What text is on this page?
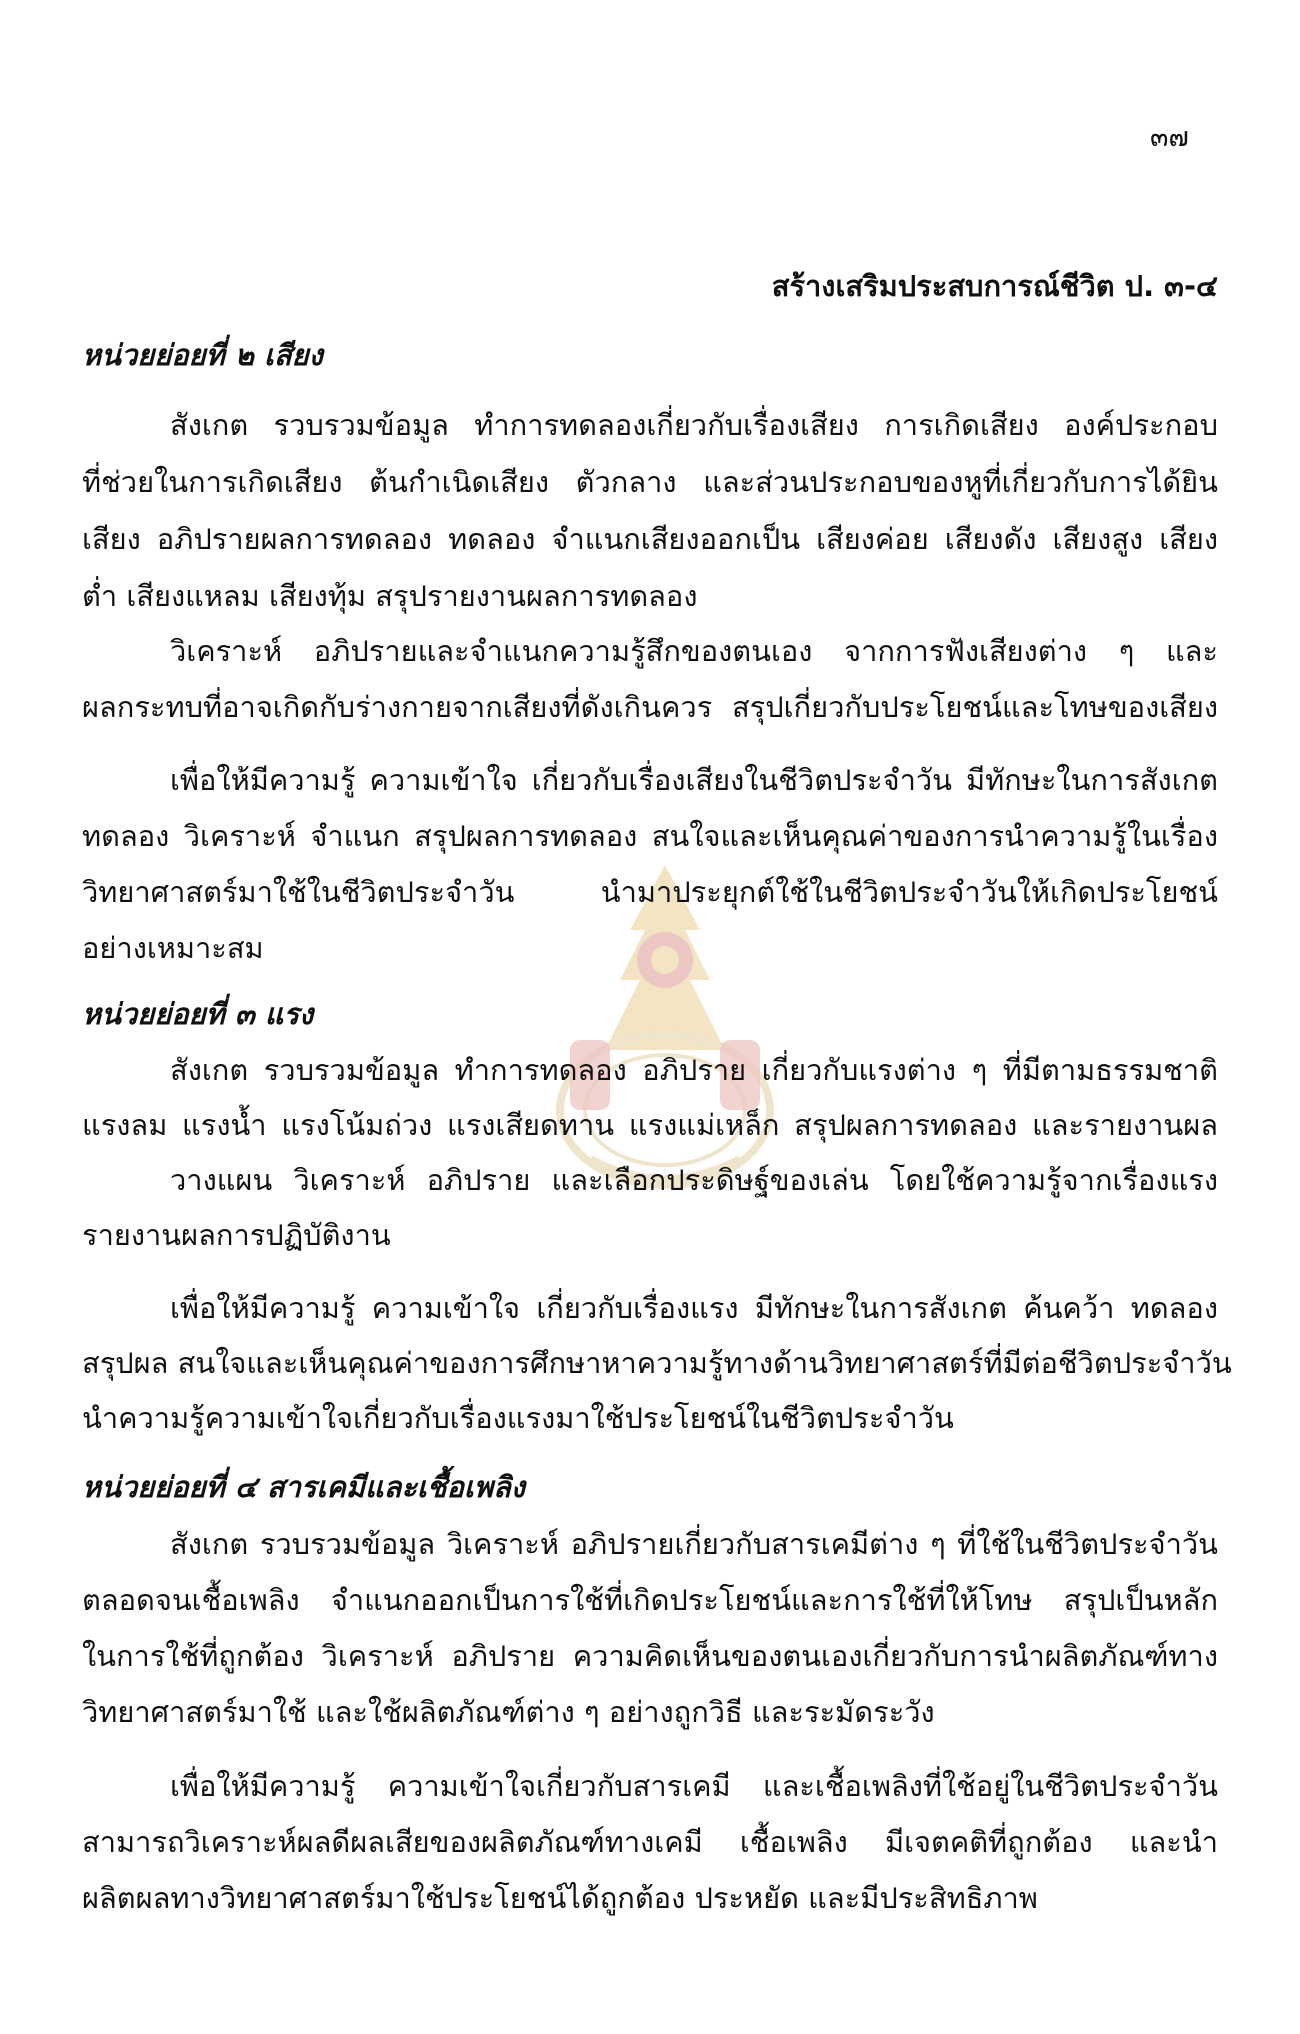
๓๗
สร้างเสริมประสบการณ์ชีวิต ป. ๓-๔
หน่วยย่อยที่ ๒ เสียง
สังเกต รวบรวมข้อมูล ทำการทดลองเกี่ยวกับเรื่องเสียง การเกิดเสียง องค์ประกอบ
ที่ช่วยในการเกิดเสียง ต้นกำเนิดเสียง ตัวกลาง และส่วนประกอบของหูที่เกี่ยวกับการได้ยิน
เสียง อภิปรายผลการทดลอง ทดลอง จำแนกเสียงออกเป็น เสียงค่อย เสียงดัง เสียงสูง เสียง
ต่ำ เสียงแหลม เสียงทุ้ม สรุปรายงานผลการทดลอง
วิเคราะห์ อภิปรายและจำแนกความรู้สึกของตนเอง จากการฟังเสียงต่าง ๆ และ
ผลกระทบที่อาจเกิดกับร่างกายจากเสียงที่ดังเกินควร สรุปเกี่ยวกับประโยชน์และโทษของเสียง
เพื่อให้มีความรู้ ความเข้าใจ เกี่ยวกับเรื่องเสียงในชีวิตประจำวัน มีทักษะในการสังเกต
ทดลอง วิเคราะห์ จำแนก สรุปผลการทดลอง สนใจและเห็นคุณค่าของการนำความรู้ในเรื่อง
วิทยาศาสตร์มาใช้ในชีวิตประจำวัน นำมาประยุกต์ใช้ในชีวิตประจำวันให้เกิดประโยชน์
อย่างเหมาะสม
หน่วยย่อยที่ ๓ แรง
สังเกต รวบรวมข้อมูล ทำการทดลอง อภิปราย เกี่ยวกับแรงต่าง ๆ ที่มีตามธรรมชาติ
แรงลม แรงน้ำ แรงโน้มถ่วง แรงเสียดทาน แรงแม่เหล็ก สรุปผลการทดลอง และรายงานผล
วางแผน วิเคราะห์ อภิปราย และเลือกประดิษฐ์ของเล่น โดยใช้ความรู้จากเรื่องแรง
รายงานผลการปฏิบัติงาน
เพื่อให้มีความรู้ ความเข้าใจ เกี่ยวกับเรื่องแรง มีทักษะในการสังเกต ค้นคว้า ทดลอง
สรุปผล สนใจและเห็นคุณค่าของการศึกษาหาความรู้ทางด้านวิทยาศาสตร์ที่มีต่อชีวิตประจำวัน
นำความรู้ความเข้าใจเกี่ยวกับเรื่องแรงมาใช้ประโยชน์ในชีวิตประจำวัน
หน่วยย่อยที่ ๔ สารเคมีและเชื้อเพลิง
สังเกต รวบรวมข้อมูล วิเคราะห์ อภิปรายเกี่ยวกับสารเคมีต่าง ๆ ที่ใช้ในชีวิตประจำวัน
ตลอดจนเชื้อเพลิง จำแนกออกเป็นการใช้ที่เกิดประโยชน์และการใช้ที่ให้โทษ สรุปเป็นหลัก
ในการใช้ที่ถูกต้อง วิเคราะห์ อภิปราย ความคิดเห็นของตนเองเกี่ยวกับการนำผลิตภัณฑ์ทาง
วิทยาศาสตร์มาใช้ และใช้ผลิตภัณฑ์ต่าง ๆ อย่างถูกวิธี และระมัดระวัง
เพื่อให้มีความรู้ ความเข้าใจเกี่ยวกับสารเคมี และเชื้อเพลิงที่ใช้อยู่ในชีวิตประจำวัน
สามารถวิเคราะห์ผลดีผลเสียของผลิตภัณฑ์ทางเคมี เชื้อเพลิง มีเจตคติที่ถูกต้อง และนำ
ผลิตผลทางวิทยาศาสตร์มาใช้ประโยชน์ได้ถูกต้อง ประหยัด และมีประสิทธิภาพ
